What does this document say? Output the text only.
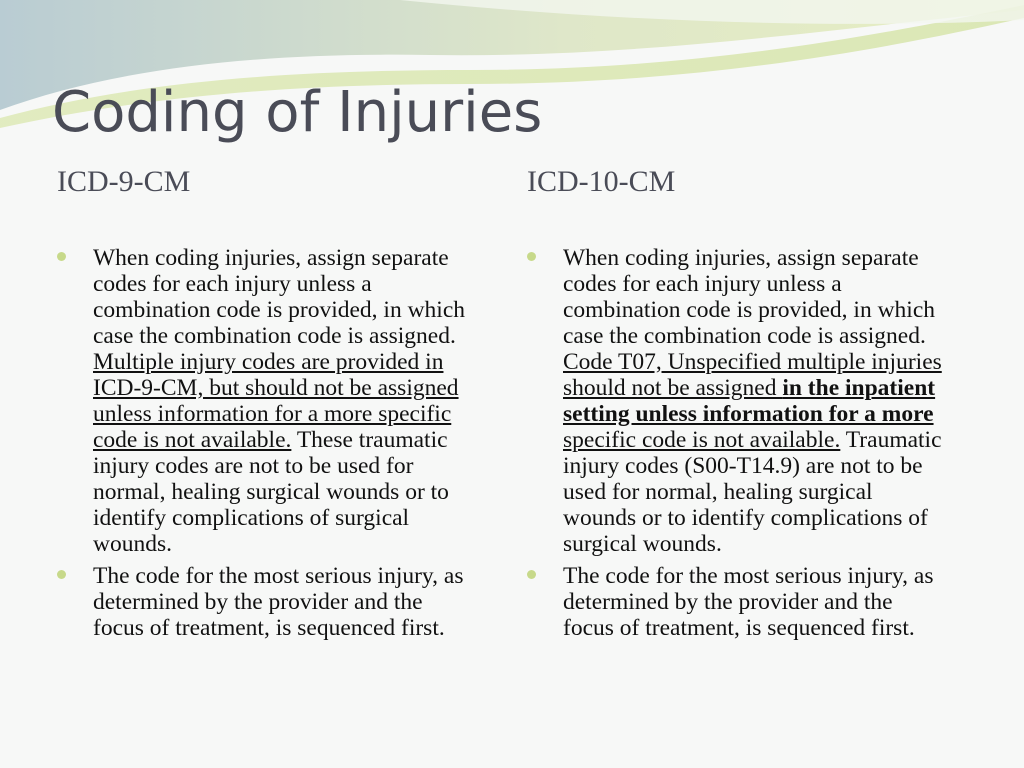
Coding of Injuries
ICD-9-CM
When coding injuries, assign separate codes for each injury unless a combination code is provided, in which case the combination code is assigned. Multiple injury codes are provided in ICD-9-CM, but should not be assigned unless information for a more specific code is not available. These traumatic injury codes are not to be used for normal, healing surgical wounds or to identify complications of surgical wounds.
The code for the most serious injury, as determined by the provider and the focus of treatment, is sequenced first.
ICD-10-CM
When coding injuries, assign separate codes for each injury unless a combination code is provided, in which case the combination code is assigned. Code T07, Unspecified multiple injuries should not be assigned in the inpatient setting unless information for a more specific code is not available. Traumatic injury codes (S00-T14.9) are not to be used for normal, healing surgical wounds or to identify complications of surgical wounds.
The code for the most serious injury, as determined by the provider and the focus of treatment, is sequenced first.
